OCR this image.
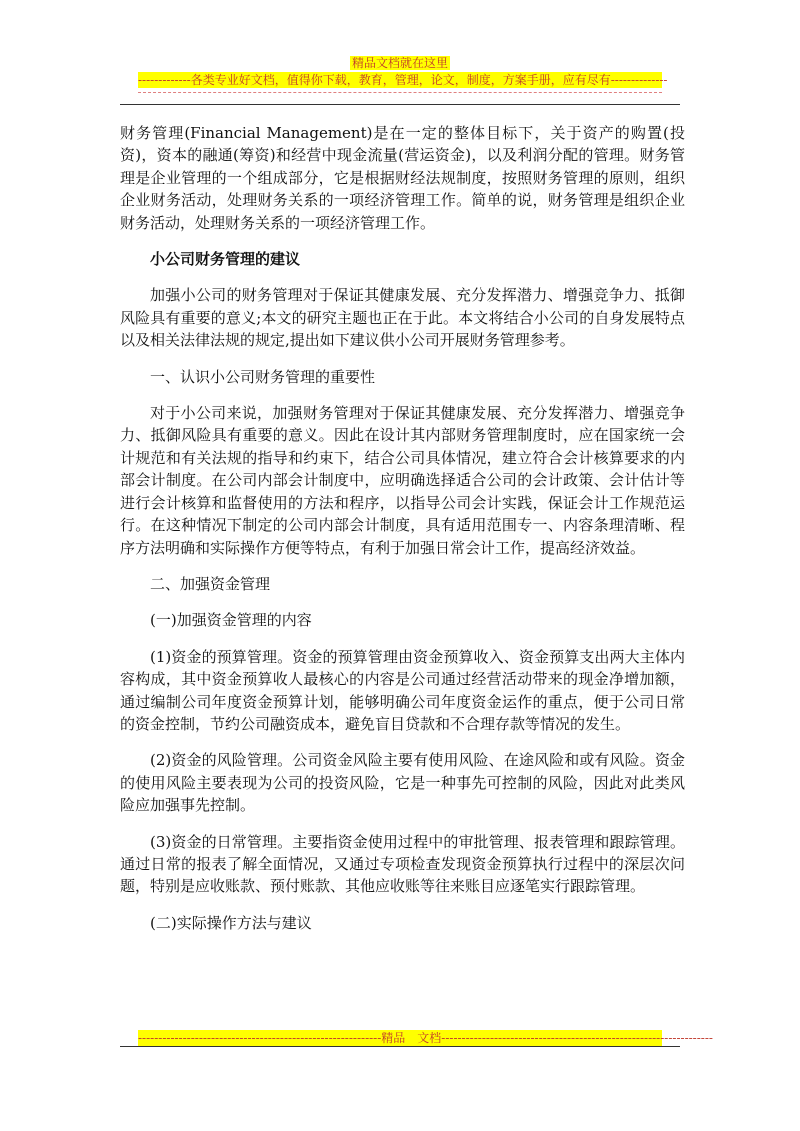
精品文档就在这里
-------------各类专业好文档，值得你下载，教育，管理，论文，制度，方案手册，应有尽有--------------

财务管理(Financial Management)是在一定的整体目标下，关于资产的购置(投资)，资本的融通(筹资)和经营中现金流量(营运资金)，以及利润分配的管理。财务管理是企业管理的一个组成部分，它是根据财经法规制度，按照财务管理的原则，组织企业财务活动，处理财务关系的一项经济管理工作。简单的说，财务管理是组织企业财务活动，处理财务关系的一项经济管理工作。

小公司财务管理的建议

加强小公司的财务管理对于保证其健康发展、充分发挥潜力、增强竞争力、抵御风险具有重要的意义;本文的研究主题也正在于此。本文将结合小公司的自身发展特点以及相关法律法规的规定,提出如下建议供小公司开展财务管理参考。

一、认识小公司财务管理的重要性

对于小公司来说，加强财务管理对于保证其健康发展、充分发挥潜力、增强竞争力、抵御风险具有重要的意义。因此在设计其内部财务管理制度时，应在国家统一会计规范和有关法规的指导和约束下，结合公司具体情况，建立符合会计核算要求的内部会计制度。在公司内部会计制度中，应明确选择适合公司的会计政策、会计估计等进行会计核算和监督使用的方法和程序，以指导公司会计实践，保证会计工作规范运行。在这种情况下制定的公司内部会计制度，具有适用范围专一、内容条理清晰、程序方法明确和实际操作方便等特点，有利于加强日常会计工作，提高经济效益。

二、加强资金管理

(一)加强资金管理的内容

(1)资金的预算管理。资金的预算管理由资金预算收入、资金预算支出两大主体内容构成，其中资金预算收人最核心的内容是公司通过经营活动带来的现金净增加额，通过编制公司年度资金预算计划，能够明确公司年度资金运作的重点，便于公司日常的资金控制，节约公司融资成本，避免盲目贷款和不合理存款等情况的发生。

(2)资金的风险管理。公司资金风险主要有使用风险、在途风险和或有风险。资金的使用风险主要表现为公司的投资风险，它是一种事先可控制的风险，因此对此类风险应加强事先控制。

(3)资金的日常管理。主要指资金使用过程中的审批管理、报表管理和跟踪管理。通过日常的报表了解全面情况，又通过专项检查发现资金预算执行过程中的深层次问题，特别是应收账款、预付账款、其他应收账等往来账目应逐笔实行跟踪管理。

(二)实际操作方法与建议

------------------------------------------------------------精品　文档-------------------------------------------------------------------
